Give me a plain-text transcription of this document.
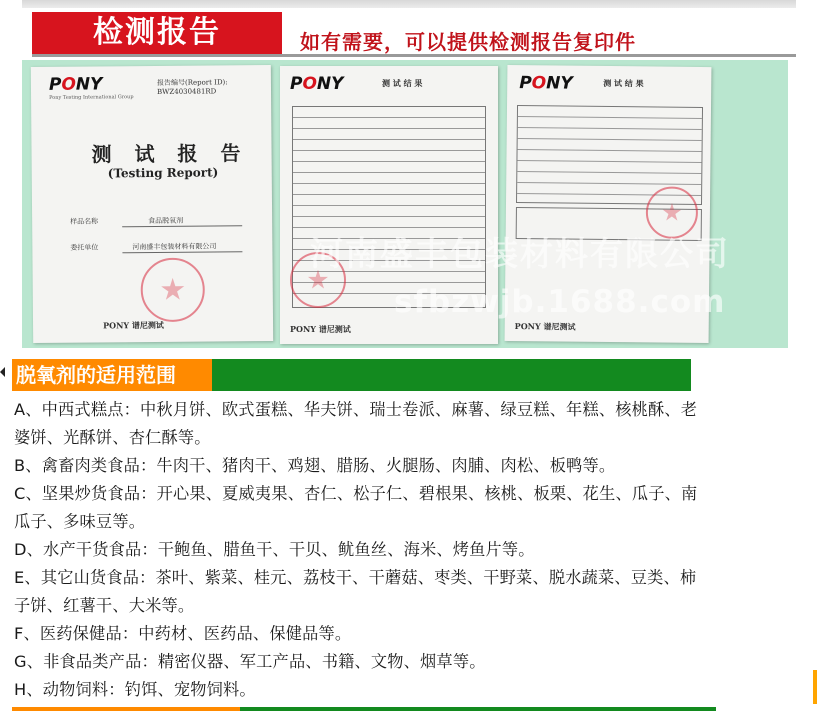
检测报告	如有需要，可以提供检测报告复印件
PONY
Pony Testing International Group
报告编号(Report ID): BWZ4030481RD
测 试 报 告
(Testing Report)
样品名称	食品脱氧剂
委托单位	河南盛丰包装材料有限公司
PONY 谱尼测试
PONY	测 试 结 果
PONY 谱尼测试
PONY	测 试 结 果
PONY 谱尼测试
河南盛丰包装材料有限公司
sfbzwjb.1688.com
脱氧剂的适用范围
A、中西式糕点：中秋月饼、欧式蛋糕、华夫饼、瑞士卷派、麻薯、绿豆糕、年糕、核桃酥、老
婆饼、光酥饼、杏仁酥等。
B、禽畜肉类食品：牛肉干、猪肉干、鸡翅、腊肠、火腿肠、肉脯、肉松、板鸭等。
C、坚果炒货食品：开心果、夏威夷果、杏仁、松子仁、碧根果、核桃、板栗、花生、瓜子、南
瓜子、多味豆等。
D、水产干货食品：干鲍鱼、腊鱼干、干贝、鱿鱼丝、海米、烤鱼片等。
E、其它山货食品：茶叶、紫菜、桂元、荔枝干、干蘑菇、枣类、干野菜、脱水蔬菜、豆类、柿
子饼、红薯干、大米等。
F、医药保健品：中药材、医药品、保健品等。
G、非食品类产品：精密仪器、军工产品、书籍、文物、烟草等。
H、动物饲料：钓饵、宠物饲料。
